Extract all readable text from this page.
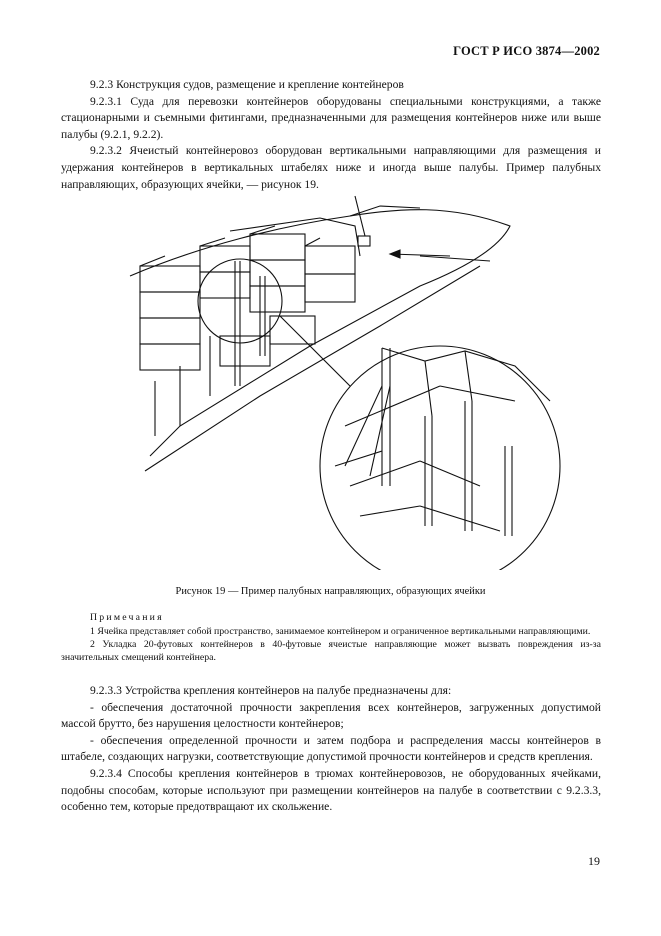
ГОСТ Р ИСО 3874—2002

9.2.3 Конструкция судов, размещение и крепление контейнеров

9.2.3.1 Суда для перевозки контейнеров оборудованы специальными конструкциями, а также стационарными и съемными фитингами, предназначенными для размещения контейнеров ниже или выше палубы (9.2.1, 9.2.2).

9.2.3.2 Ячеистый контейнеровоз оборудован вертикальными направляющими для размещения и удержания контейнеров в вертикальных штабелях ниже и иногда выше палубы. Пример палубных направляющих, образующих ячейки, — рисунок 19.

Рисунок 19 — Пример палубных направляющих, образующих ячейки

Примечания

1 Ячейка представляет собой пространство, занимаемое контейнером и ограниченное вертикальными направляющими.

2 Укладка 20-футовых контейнеров в 40-футовые ячеистые направляющие может вызвать повреждения из-за значительных смещений контейнера.

9.2.3.3 Устройства крепления контейнеров на палубе предназначены для:

- обеспечения достаточной прочности закрепления всех контейнеров, загруженных допустимой массой брутто, без нарушения целостности контейнеров;

- обеспечения определенной прочности и затем подбора и распределения массы контейнеров в штабеле, создающих нагрузки, соответствующие допустимой прочности контейнеров и средств крепления.

9.2.3.4 Способы крепления контейнеров в трюмах контейнеровозов, не оборудованных ячейками, подобны способам, которые используют при размещении контейнеров на палубе в соответствии с 9.2.3.3, особенно тем, которые предотвращают их скольжение.

19
